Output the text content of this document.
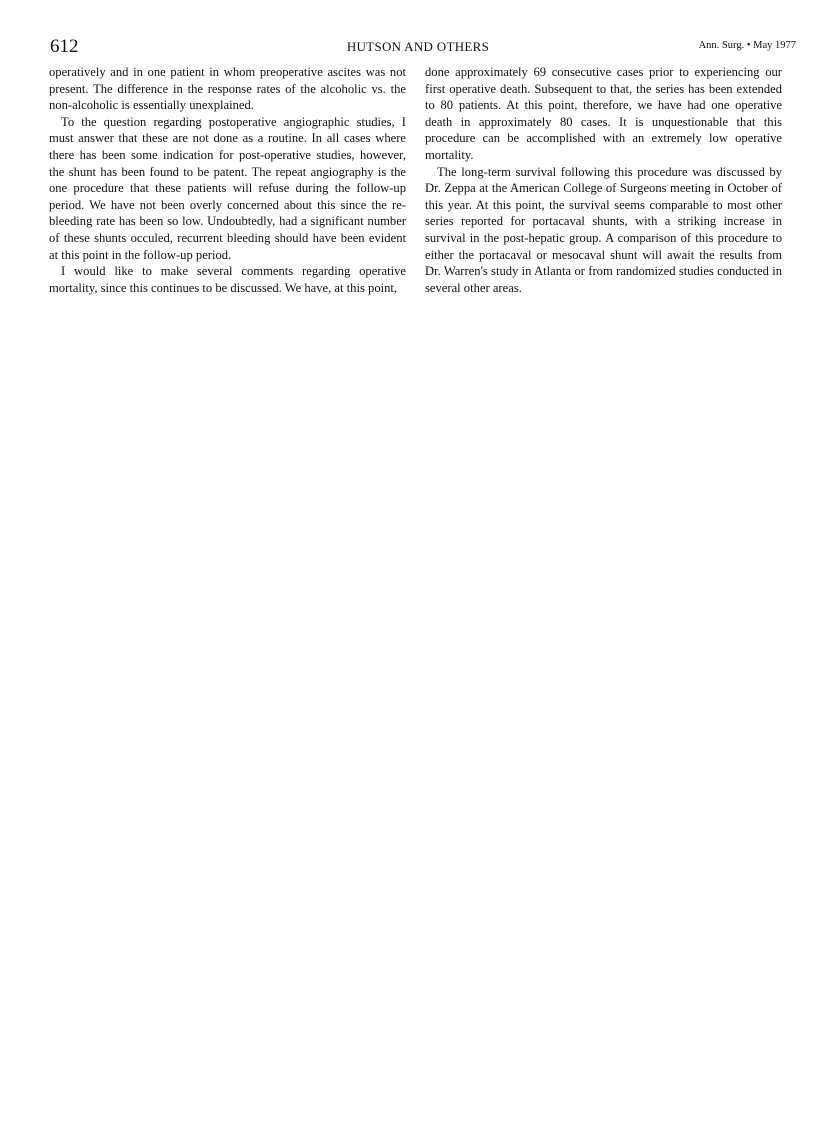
612	HUTSON AND OTHERS	Ann. Surg. • May 1977

operatively and in one patient in whom preoperative ascites was not present. The difference in the response rates of the alcoholic vs. the non-alcoholic is essentially unexplained.

To the question regarding postoperative angiographic studies, I must answer that these are not done as a routine. In all cases where there has been some indication for post-operative studies, however, the shunt has been found to be patent. The repeat angiography is the one procedure that these patients will refuse during the follow-up period. We have not been overly concerned about this since the re-bleeding rate has been so low. Undoubtedly, had a significant number of these shunts occuled, recurrent bleeding should have been evident at this point in the follow-up period.

I would like to make several comments regarding operative mortality, since this continues to be discussed. We have, at this point,

done approximately 69 consecutive cases prior to experiencing our first operative death. Subsequent to that, the series has been extended to 80 patients. At this point, therefore, we have had one operative death in approximately 80 cases. It is unquestionable that this procedure can be accomplished with an extremely low operative mortality.

The long-term survival following this procedure was discussed by Dr. Zeppa at the American College of Surgeons meeting in October of this year. At this point, the survival seems comparable to most other series reported for portacaval shunts, with a striking increase in survival in the post-hepatic group. A comparison of this procedure to either the portacaval or mesocaval shunt will await the results from Dr. Warren's study in Atlanta or from randomized studies conducted in several other areas.
